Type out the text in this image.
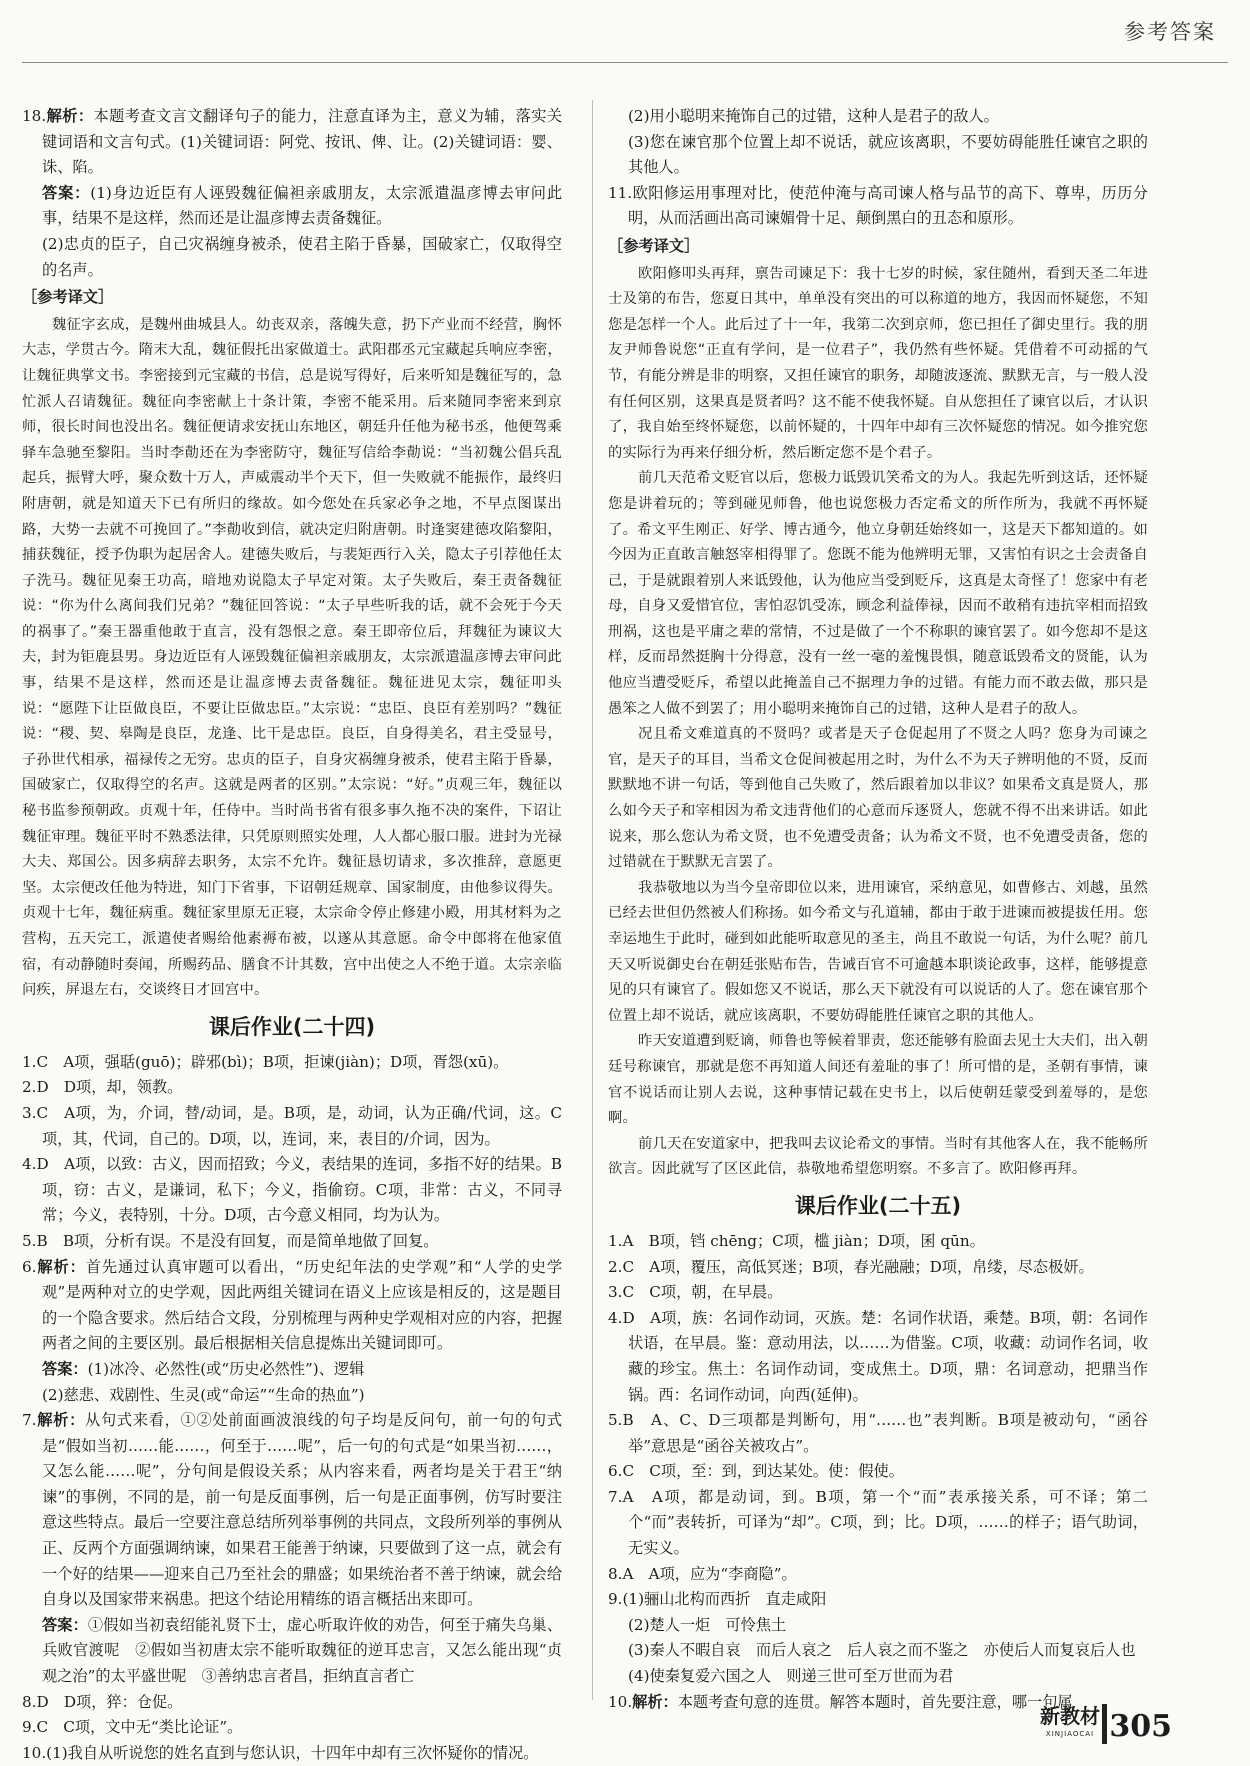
参考答案

18.解析：本题考查文言文翻译句子的能力，注意直译为主，意义为辅，落实关键词语和文言句式。(1)关键词语：阿党、按讯、俾、让。(2)关键词语：婴、诛、陷。

答案：(1)身边近臣有人诬毁魏征偏袒亲戚朋友，太宗派遣温彦博去审问此事，结果不是这样，然而还是让温彦博去责备魏征。

(2)忠贞的臣子，自己灾祸缠身被杀，使君主陷于昏暴，国破家亡，仅取得空的名声。

［参考译文］

魏征字玄成，是魏州曲城县人。幼丧双亲，落魄失意，扔下产业而不经营，胸怀大志，学贯古今。隋末大乱，魏征假托出家做道士。武阳郡丞元宝藏起兵响应李密，让魏征典掌文书。李密接到元宝藏的书信，总是说写得好，后来听知是魏征写的，急忙派人召请魏征。魏征向李密献上十条计策，李密不能采用。后来随同李密来到京师，很长时间也没出名。魏征便请求安抚山东地区，朝廷升任他为秘书丞，他便驾乘驿车急驰至黎阳。当时李勣还在为李密防守，魏征写信给李勣说：“当初魏公倡兵乱起兵，振臂大呼，聚众数十万人，声威震动半个天下，但一失败就不能振作，最终归附唐朝，就是知道天下已有所归的缘故。如今您处在兵家必争之地，不早点图谋出路，大势一去就不可挽回了。”李勣收到信，就决定归附唐朝。时逢窦建德攻陷黎阳，捕获魏征，授予伪职为起居舍人。建德失败后，与裴矩西行入关，隐太子引荐他任太子洗马。魏征见秦王功高，暗地劝说隐太子早定对策。太子失败后，秦王责备魏征说：“你为什么离间我们兄弟？”魏征回答说：“太子早些听我的话，就不会死于今天的祸事了。”秦王器重他敢于直言，没有怨恨之意。秦王即帝位后，拜魏征为谏议大夫，封为钜鹿县男。身边近臣有人诬毁魏征偏袒亲戚朋友，太宗派遣温彦博去审问此事，结果不是这样，然而还是让温彦博去责备魏征。魏征进见太宗，魏征叩头说：“愿陛下让臣做良臣，不要让臣做忠臣。”太宗说：“忠臣、良臣有差别吗？”魏征说：“稷、契、皋陶是良臣，龙逢、比干是忠臣。良臣，自身得美名，君主受显号，子孙世代相承，福禄传之无穷。忠贞的臣子，自身灾祸缠身被杀，使君主陷于昏暴，国破家亡，仅取得空的名声。这就是两者的区别。”太宗说：“好。”贞观三年，魏征以秘书监参预朝政。贞观十年，任侍中。当时尚书省有很多事久拖不决的案件，下诏让魏征审理。魏征平时不熟悉法律，只凭原则照实处理，人人都心服口服。进封为光禄大夫、郑国公。因多病辞去职务，太宗不允许。魏征恳切请求，多次推辞，意愿更坚。太宗便改任他为特进，知门下省事，下诏朝廷规章、国家制度，由他参议得失。贞观十七年，魏征病重。魏征家里原无正寝，太宗命令停止修建小殿，用其材料为之营构，五天完工，派遣使者赐给他素褥布被，以遂从其意愿。命令中郎将在他家值宿，有动静随时奏闻，所赐药品、膳食不计其数，宫中出使之人不绝于道。太宗亲临问疾，屏退左右，交谈终日才回宫中。

课后作业(二十四)

1.C　A项，强聒(guō)；辟邪(bì)；B项，拒谏(jiàn)；D项，胥怨(xū)。

2.D　D项，却，领教。

3.C　A项，为，介词，替/动词，是。B项，是，动词，认为正确/代词，这。C项，其，代词，自己的。D项，以，连词，来，表目的/介词，因为。

4.D　A项，以致：古义，因而招致；今义，表结果的连词，多指不好的结果。B项，窃：古义，是谦词，私下；今义，指偷窃。C项，非常：古义，不同寻常；今义，表特别，十分。D项，古今意义相同，均为认为。

5.B　B项，分析有误。不是没有回复，而是简单地做了回复。

6.解析：首先通过认真审题可以看出，“历史纪年法的史学观”和“人学的史学观”是两种对立的史学观，因此两组关键词在语义上应该是相反的，这是题目的一个隐含要求。然后结合文段，分别梳理与两种史学观相对应的内容，把握两者之间的主要区别。最后根据相关信息提炼出关键词即可。

答案：(1)冰冷、必然性(或“历史必然性”)、逻辑

(2)慈悲、戏剧性、生灵(或“命运”“生命的热血”)

7.解析：从句式来看，①②处前面画波浪线的句子均是反问句，前一句的句式是“假如当初……能……，何至于……呢”，后一句的句式是“如果当初……，又怎么能……呢”，分句间是假设关系；从内容来看，两者均是关于君王“纳谏”的事例，不同的是，前一句是反面事例，后一句是正面事例，仿写时要注意这些特点。最后一空要注意总结所列举事例的共同点，文段所列举的事例从正、反两个方面强调纳谏，如果君王能善于纳谏，只要做到了这一点，就会有一个好的结果——迎来自己乃至社会的鼎盛；如果统治者不善于纳谏，就会给自身以及国家带来祸患。把这个结论用精练的语言概括出来即可。

答案：①假如当初袁绍能礼贤下士，虚心听取许攸的劝告，何至于痛失乌巢、兵败官渡呢　②假如当初唐太宗不能听取魏征的逆耳忠言，又怎么能出现“贞观之治”的太平盛世呢　③善纳忠言者昌，拒纳直言者亡

8.D　D项，猝：仓促。

9.C　C项，文中无“类比论证”。

10.(1)我自从听说您的姓名直到与您认识，十四年中却有三次怀疑你的情况。

(2)用小聪明来掩饰自己的过错，这种人是君子的敌人。

(3)您在谏官那个位置上却不说话，就应该离职，不要妨碍能胜任谏官之职的其他人。

11.欧阳修运用事理对比，使范仲淹与高司谏人格与品节的高下、尊卑，历历分明，从而活画出高司谏媚骨十足、颠倒黑白的丑态和原形。

［参考译文］

欧阳修叩头再拜，禀告司谏足下：我十七岁的时候，家住随州，看到天圣二年进士及第的布告，您夏日其中，单单没有突出的可以称道的地方，我因而怀疑您，不知您是怎样一个人。此后过了十一年，我第二次到京师，您已担任了御史里行。我的朋友尹师鲁说您“正直有学问，是一位君子”，我仍然有些怀疑。凭借着不可动摇的气节，有能分辨是非的明察，又担任谏官的职务，却随波逐流、默默无言，与一般人没有任何区别，这果真是贤者吗？这不能不使我怀疑。自从您担任了谏官以后，才认识了，我自始至终怀疑您，以前怀疑的，十四年中却有三次怀疑您的情况。如今推究您的实际行为再来仔细分析，然后断定您不是个君子。

前几天范希文贬官以后，您极力诋毁讥笑希文的为人。我起先听到这话，还怀疑您是讲着玩的；等到碰见师鲁，他也说您极力否定希文的所作所为，我就不再怀疑了。希文平生刚正、好学、博古通今，他立身朝廷始终如一，这是天下都知道的。如今因为正直敢言触怒宰相得罪了。您既不能为他辨明无罪，又害怕有识之士会责备自己，于是就跟着别人来诋毁他，认为他应当受到贬斥，这真是太奇怪了！您家中有老母，自身又爱惜官位，害怕忍饥受冻，顾念利益俸禄，因而不敢稍有违抗宰相而招致刑祸，这也是平庸之辈的常情，不过是做了一个不称职的谏官罢了。如今您却不是这样，反而昂然挺胸十分得意，没有一丝一毫的羞愧畏惧，随意诋毁希文的贤能，认为他应当遭受贬斥，希望以此掩盖自己不据理力争的过错。有能力而不敢去做，那只是愚笨之人做不到罢了；用小聪明来掩饰自己的过错，这种人是君子的敌人。

况且希文难道真的不贤吗？或者是天子仓促起用了不贤之人吗？您身为司谏之官，是天子的耳目，当希文仓促间被起用之时，为什么不为天子辨明他的不贤，反而默默地不讲一句话，等到他自己失败了，然后跟着加以非议？如果希文真是贤人，那么如今天子和宰相因为希文违背他们的心意而斥逐贤人，您就不得不出来讲话。如此说来，那么您认为希文贤，也不免遭受责备；认为希文不贤，也不免遭受责备，您的过错就在于默默无言罢了。

我恭敬地以为当今皇帝即位以来，进用谏官，采纳意见，如曹修古、刘越，虽然已经去世但仍然被人们称扬。如今希文与孔道辅，都由于敢于进谏而被提拔任用。您幸运地生于此时，碰到如此能听取意见的圣主，尚且不敢说一句话，为什么呢？前几天又听说御史台在朝廷张贴布告，告诫百官不可逾越本职谈论政事，这样，能够提意见的只有谏官了。假如您又不说话，那么天下就没有可以说话的人了。您在谏官那个位置上却不说话，就应该离职，不要妨碍能胜任谏官之职的其他人。

昨天安道遭到贬谪，师鲁也等候着罪责，您还能够有脸面去见士大夫们，出入朝廷号称谏官，那就是您不再知道人间还有羞耻的事了！所可惜的是，圣朝有事情，谏官不说话而让别人去说，这种事情记载在史书上，以后使朝廷蒙受到羞辱的，是您啊。

前几天在安道家中，把我叫去议论希文的事情。当时有其他客人在，我不能畅所欲言。因此就写了区区此信，恭敬地希望您明察。不多言了。欧阳修再拜。

课后作业(二十五)

1.A　B项，铛 chēng；C项，槛 jiàn；D项，囷 qūn。

2.C　A项，覆压，高低冥迷；B项，春光融融；D项，帛缕，尽态极妍。

3.C　C项，朝，在早晨。

4.D　A项，族：名词作动词，灭族。楚：名词作状语，乘楚。B项，朝：名词作状语，在早晨。鉴：意动用法，以……为借鉴。C项，收藏：动词作名词，收藏的珍宝。焦土：名词作动词，变成焦土。D项，鼎：名词意动，把鼎当作锅。西：名词作动词，向西(延伸)。

5.B　A、C、D三项都是判断句，用“……也”表判断。B项是被动句，“函谷举”意思是“函谷关被攻占”。

6.C　C项，至：到，到达某处。使：假使。

7.A　A项，都是动词，到。B项，第一个“而”表承接关系，可不译；第二个“而”表转折，可译为“却”。C项，到；比。D项，……的样子；语气助词，无实义。

8.A　A项，应为“李商隐”。

9.(1)骊山北构而西折　直走咸阳

(2)楚人一炬　可怜焦土

(3)秦人不暇自哀　而后人哀之　后人哀之而不鉴之　亦使后人而复哀后人也

(4)使秦复爱六国之人　则递三世可至万世而为君

10.解析：本题考查句意的连贯。解答本题时，首先要注意，哪一句属

新教材
XINJIAOCAI 305
